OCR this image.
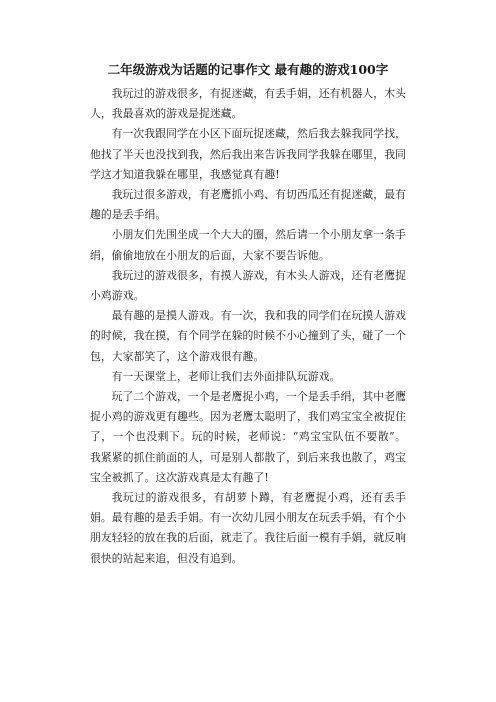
二年级游戏为话题的记事作文 最有趣的游戏100字

我玩过的游戏很多，有捉迷藏，有丢手娟，还有机器人，木头人，我最喜欢的游戏是捉迷藏。

有一次我跟同学在小区下面玩捉迷藏，然后我去躲我同学找，他找了半天也没找到我，然后我出来告诉我同学我躲在哪里，我同学这才知道我躲在哪里，我感觉真有趣!

我玩过很多游戏，有老鹰抓小鸡、有切西瓜还有捉迷藏，最有趣的是丢手绢。

小朋友们先围坐成一个大大的圈，然后请一个小朋友拿一条手绢，偷偷地放在小朋友的后面，大家不要告诉他。

我玩过的游戏很多，有摸人游戏，有木头人游戏，还有老鹰捉小鸡游戏。

最有趣的是摸人游戏。有一次，我和我的同学们在玩摸人游戏的时候，我在摸，有个同学在躲的时候不小心撞到了头，碰了一个包，大家都笑了，这个游戏很有趣。

有一天课堂上，老师让我们去外面排队玩游戏。

玩了二个游戏，一个是老鹰捉小鸡，一个是丢手绢，其中老鹰捉小鸡的游戏更有趣些。因为老鹰太聪明了，我们鸡宝宝全被捉住了，一个也没剩下。玩的时候，老师说：“鸡宝宝队伍不要散”。我紧紧的抓住前面的人，可是别人都散了，到后来我也散了，鸡宝宝全被抓了。这次游戏真是太有趣了!

我玩过的游戏很多，有胡萝卜蹲，有老鹰捉小鸡，还有丢手娟。最有趣的是丢手娟。有一次幼儿园小朋友在玩丢手娟，有个小朋友轻轻的放在我的后面，就走了。我往后面一模有手娟，就反响很快的站起来追，但没有追到。
